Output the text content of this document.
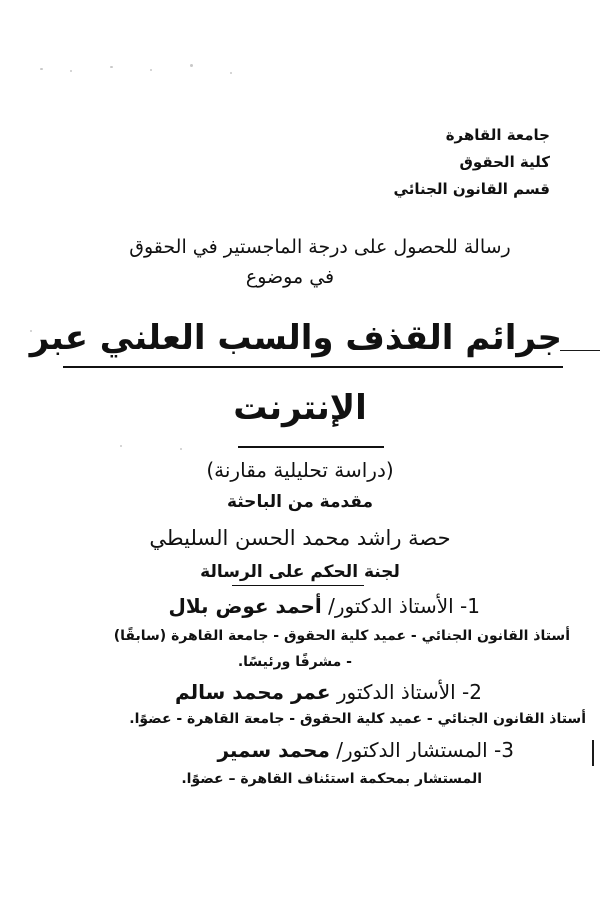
جامعة القاهرة
كلية الحقوق
قسم القانون الجنائي
رسالة للحصول على درجة الماجستير في الحقوق
في موضوع
جرائم القذف والسب العلني عبر
الإنترنت
(دراسة تحليلية مقارنة)
مقدمة من الباحثة
حصة راشد محمد الحسن السليطي
لجنة الحكم على الرسالة
1- الأستاذ الدكتور/ أحمد عوض بلال
أستاذ القانون الجنائي - عميد كلية الحقوق - جامعة القاهرة (سابقًا)
- مشرفًا ورئيسًا.
2- الأستاذ الدكتور عمر محمد سالم
أستاذ القانون الجنائي - عميد كلية الحقوق - جامعة القاهرة - عضوًا.
3- المستشار الدكتور/ محمد سمير
المستشار بمحكمة استئناف القاهرة – عضوًا.
